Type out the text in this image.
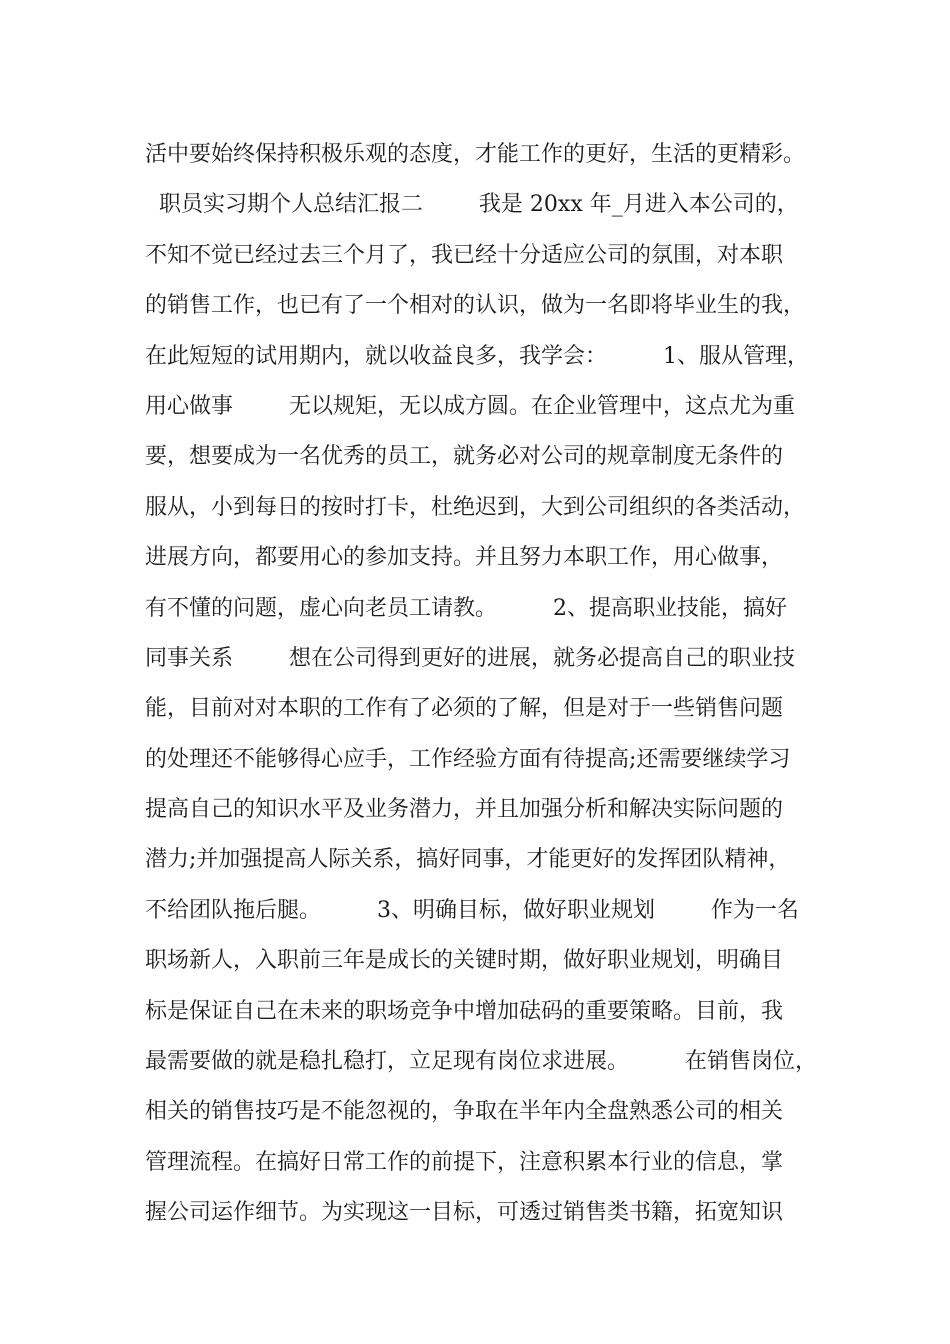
活中要始终保持积极乐观的态度，才能工作的更好，生活的更精彩。
职员实习期个人总结汇报二        我是 20xx 年_月进入本公司的，
不知不觉已经过去三个月了，我已经十分适应公司的氛围，对本职
的销售工作，也已有了一个相对的认识，做为一名即将毕业生的我，
在此短短的试用期内，就以收益良多，我学会：        1、服从管理，
用心做事        无以规矩，无以成方圆。在企业管理中，这点尤为重
要，想要成为一名优秀的员工，就务必对公司的规章制度无条件的
服从，小到每日的按时打卡，杜绝迟到，大到公司组织的各类活动，
进展方向，都要用心的参加支持。并且努力本职工作，用心做事，
有不懂的问题，虚心向老员工请教。        2、提高职业技能，搞好
同事关系        想在公司得到更好的进展，就务必提高自己的职业技
能，目前对对本职的工作有了必须的了解，但是对于一些销售问题
的处理还不能够得心应手，工作经验方面有待提高;还需要继续学习
提高自己的知识水平及业务潜力，并且加强分析和解决实际问题的
潜力;并加强提高人际关系，搞好同事，才能更好的发挥团队精神，
不给团队拖后腿。        3、明确目标，做好职业规划        作为一名
职场新人，入职前三年是成长的关键时期，做好职业规划，明确目
标是保证自己在未来的职场竞争中增加砝码的重要策略。目前，我
最需要做的就是稳扎稳打，立足现有岗位求进展。        在销售岗位，
相关的销售技巧是不能忽视的，争取在半年内全盘熟悉公司的相关
管理流程。在搞好日常工作的前提下，注意积累本行业的信息，掌
握公司运作细节。为实现这一目标，可透过销售类书籍，拓宽知识
